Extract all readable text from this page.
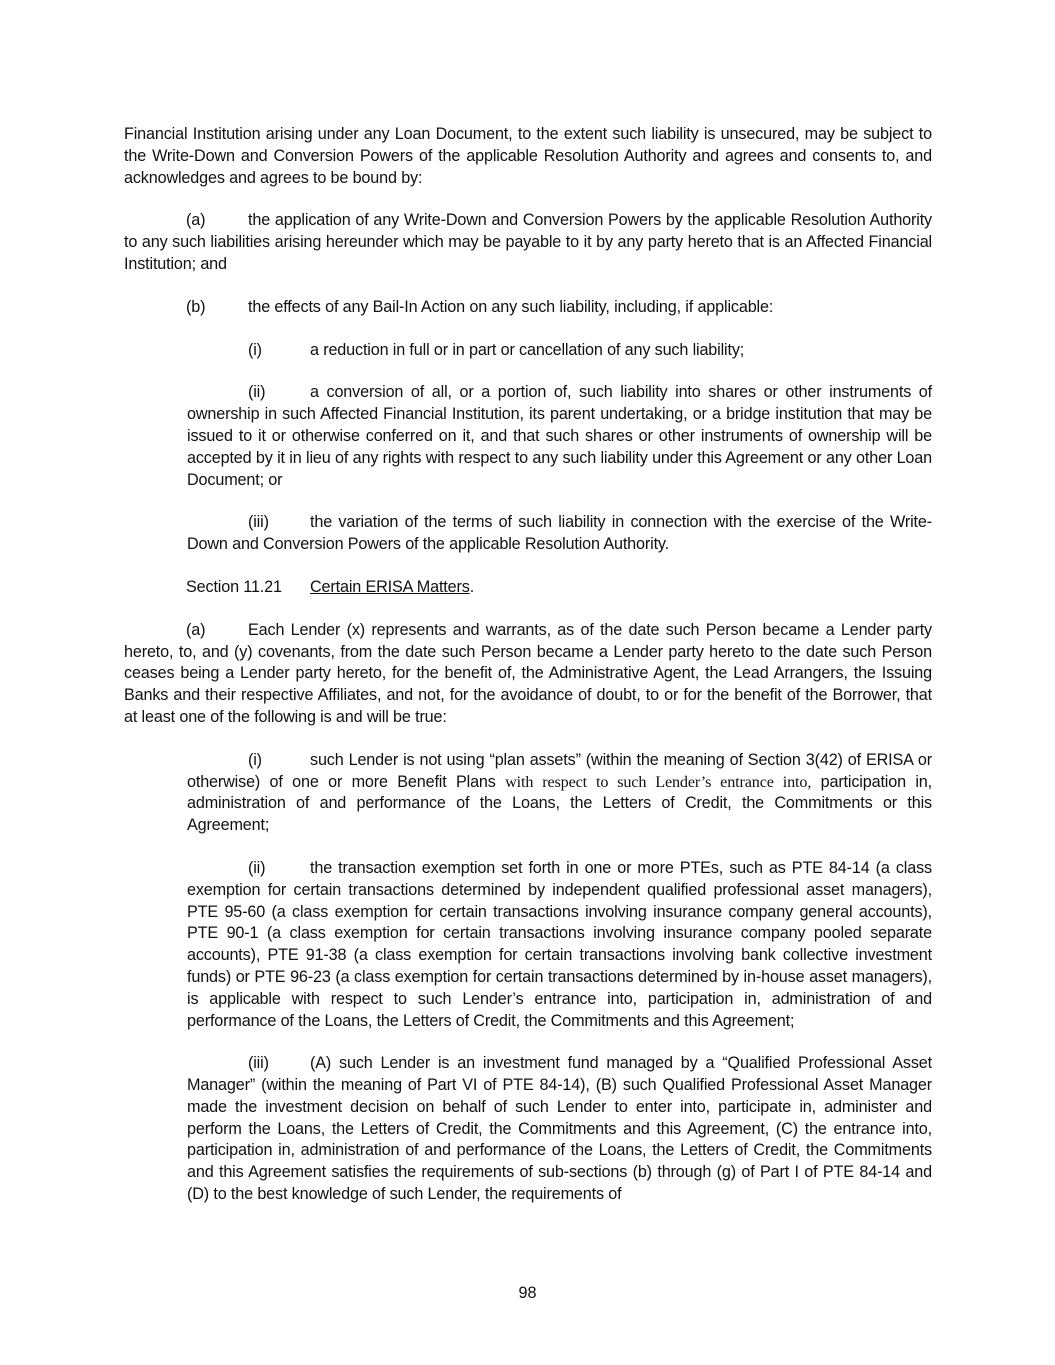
Financial Institution arising under any Loan Document, to the extent such liability is unsecured, may be subject to the Write-Down and Conversion Powers of the applicable Resolution Authority and agrees and consents to, and acknowledges and agrees to be bound by:

(a)	the application of any Write-Down and Conversion Powers by the applicable Resolution Authority to any such liabilities arising hereunder which may be payable to it by any party hereto that is an Affected Financial Institution; and

(b)	the effects of any Bail-In Action on any such liability, including, if applicable:

(i)	a reduction in full or in part or cancellation of any such liability;

(ii)	a conversion of all, or a portion of, such liability into shares or other instruments of ownership in such Affected Financial Institution, its parent undertaking, or a bridge institution that may be issued to it or otherwise conferred on it, and that such shares or other instruments of ownership will be accepted by it in lieu of any rights with respect to any such liability under this Agreement or any other Loan Document; or

(iii)	the variation of the terms of such liability in connection with the exercise of the Write-Down and Conversion Powers of the applicable Resolution Authority.

Section 11.21 Certain ERISA Matters.

(a)	Each Lender (x) represents and warrants, as of the date such Person became a Lender party hereto, to, and (y) covenants, from the date such Person became a Lender party hereto to the date such Person ceases being a Lender party hereto, for the benefit of, the Administrative Agent, the Lead Arrangers, the Issuing Banks and their respective Affiliates, and not, for the avoidance of doubt, to or for the benefit of the Borrower, that at least one of the following is and will be true:

(i)	such Lender is not using “plan assets” (within the meaning of Section 3(42) of ERISA or otherwise) of one or more Benefit Plans with respect to such Lender’s entrance into, participation in, administration of and performance of the Loans, the Letters of Credit, the Commitments or this Agreement;

(ii)	the transaction exemption set forth in one or more PTEs, such as PTE 84-14 (a class exemption for certain transactions determined by independent qualified professional asset managers), PTE 95-60 (a class exemption for certain transactions involving insurance company general accounts), PTE 90-1 (a class exemption for certain transactions involving insurance company pooled separate accounts), PTE 91-38 (a class exemption for certain transactions involving bank collective investment funds) or PTE 96-23 (a class exemption for certain transactions determined by in-house asset managers), is applicable with respect to such Lender’s entrance into, participation in, administration of and performance of the Loans, the Letters of Credit, the Commitments and this Agreement;

(iii)	(A) such Lender is an investment fund managed by a “Qualified Professional Asset Manager” (within the meaning of Part VI of PTE 84-14), (B) such Qualified Professional Asset Manager made the investment decision on behalf of such Lender to enter into, participate in, administer and perform the Loans, the Letters of Credit, the Commitments and this Agreement, (C) the entrance into, participation in, administration of and performance of the Loans, the Letters of Credit, the Commitments and this Agreement satisfies the requirements of sub-sections (b) through (g) of Part I of PTE 84-14 and (D) to the best knowledge of such Lender, the requirements of

98
